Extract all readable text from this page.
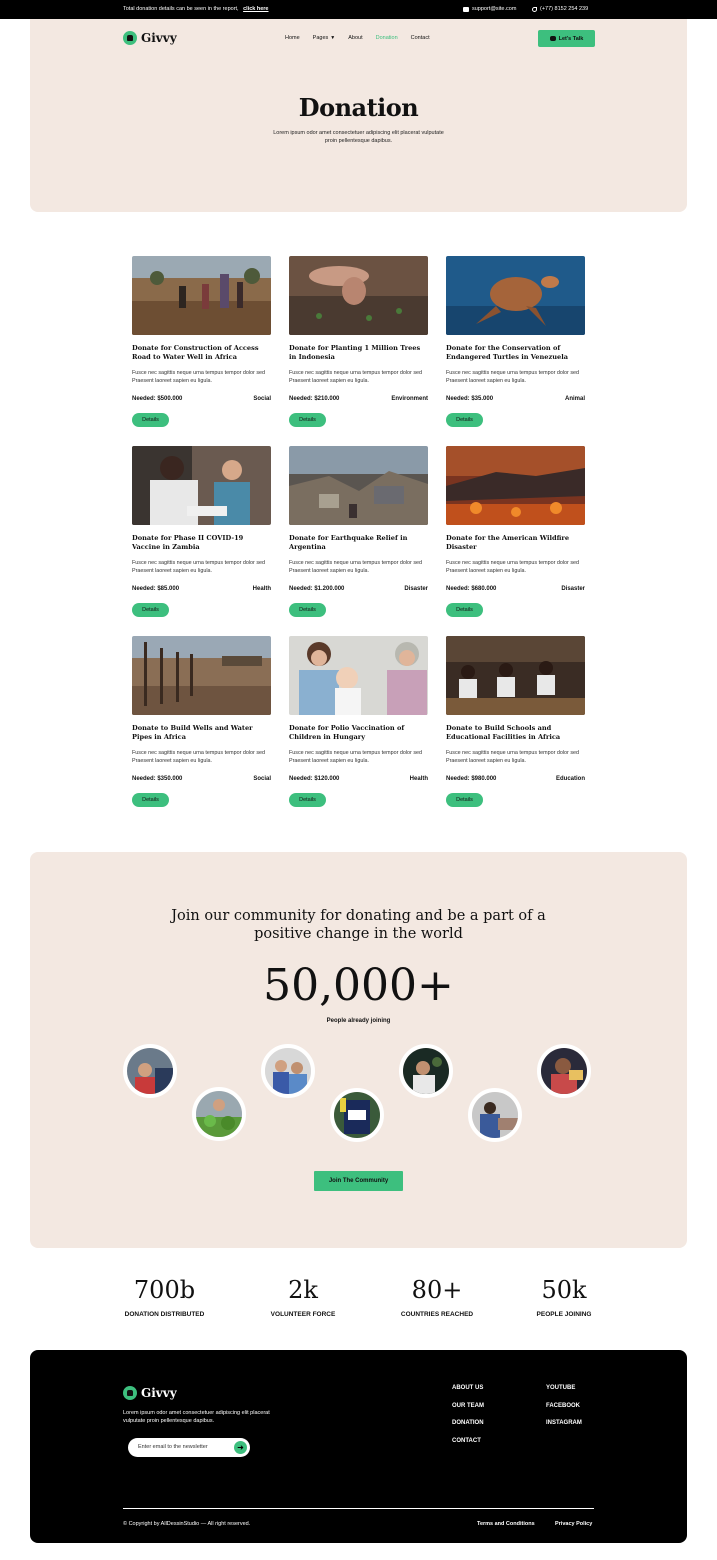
Total donation details can be seen in the report, click here	support@site.com	(+77) 8152 254 239
Givvy	Home Pages ▼ About Donation Contact	Let's Talk
Donation

Lorem ipsum odor amet consectetuer adipiscing elit placerat vulputate proin pellentesque dapibus.

Donate for Construction of Access Road to Water Well in Africa
Fusce nec sagittis neque urna tempus tempor dolor sed Praesent laoreet sapien eu ligula.
Needed: $500.000	Social
Details
Donate for Planting 1 Million Trees in Indonesia
Fusce nec sagittis neque urna tempus tempor dolor sed Praesent laoreet sapien eu ligula.
Needed: $210.000	Environment
Details
Donate for the Conservation of Endangered Turtles in Venezuela
Fusce nec sagittis neque urna tempus tempor dolor sed Praesent laoreet sapien eu ligula.
Needed: $35.000	Animal
Details
Donate for Phase II COVID-19 Vaccine in Zambia
Fusce nec sagittis neque urna tempus tempor dolor sed Praesent laoreet sapien eu ligula.
Needed: $85.000	Health
Details
Donate for Earthquake Relief in Argentina
Fusce nec sagittis neque urna tempus tempor dolor sed Praesent laoreet sapien eu ligula.
Needed: $1.200.000	Disaster
Details
Donate for the American Wildfire Disaster
Fusce nec sagittis neque urna tempus tempor dolor sed Praesent laoreet sapien eu ligula.
Needed: $680.000	Disaster
Details
Donate to Build Wells and Water Pipes in Africa
Fusce nec sagittis neque urna tempus tempor dolor sed Praesent laoreet sapien eu ligula.
Needed: $350.000	Social
Details
Donate for Polio Vaccination of Children in Hungary
Fusce nec sagittis neque urna tempus tempor dolor sed Praesent laoreet sapien eu ligula.
Needed: $120.000	Health
Details
Donate to Build Schools and Educational Facilities in Africa
Fusce nec sagittis neque urna tempus tempor dolor sed Praesent laoreet sapien eu ligula.
Needed: $980.000	Education
Details
Join our community for donating and be a part of a positive change in the world
50,000+
People already joining
Join The Community
700b
DONATION DISTRIBUTED
2k
VOLUNTEER FORCE
80+
COUNTRIES REACHED
50k
PEOPLE JOINING
Givvy
Lorem ipsum odor amet consectetuer adipiscing elit placerat vulputate proin pellentesque dapibus.
Enter email to the newsletter	➜
ABOUT US
OUR TEAM
DONATION
CONTACT
YOUTUBE
FACEBOOK
INSTAGRAM
© Copyright by AllDessinStudio — All right reserved.	Terms and Conditions	Privacy Policy
